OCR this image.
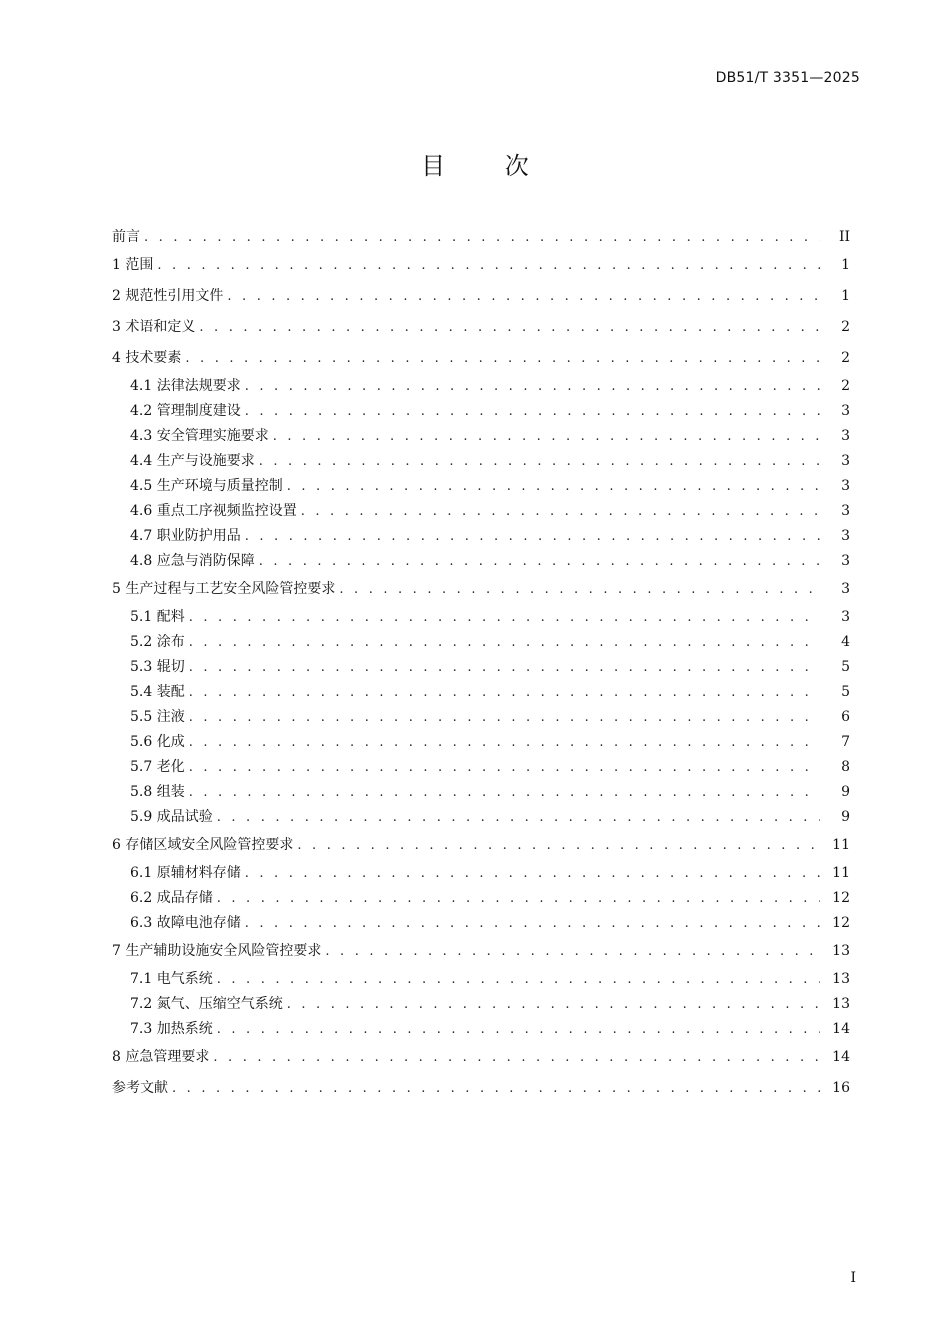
DB51/T 3351—2025
目 次
前言 . . .	II
1 范围 . . .	1
2 规范性引用文件 . . .	1
3 术语和定义 . . .	2
4 技术要素 . . .	2
4.1 法律法规要求 . . .	2
4.2 管理制度建设 . . .	3
4.3 安全管理实施要求 . . .	3
4.4 生产与设施要求 . . .	3
4.5 生产环境与质量控制 . . .	3
4.6 重点工序视频监控设置 . . .	3
4.7 职业防护用品 . . .	3
4.8 应急与消防保障 . . .	3
5 生产过程与工艺安全风险管控要求 . . .	3
5.1 配料 . . .	3
5.2 涂布 . . .	4
5.3 辊切 . . .	5
5.4 装配 . . .	5
5.5 注液 . . .	6
5.6 化成 . . .	7
5.7 老化 . . .	8
5.8 组装 . . .	9
5.9 成品试验 . . .	9
6 存储区域安全风险管控要求 . . .	11
6.1 原辅材料存储 . . .	11
6.2 成品存储 . . .	12
6.3 故障电池存储 . . .	12
7 生产辅助设施安全风险管控要求 . . .	13
7.1 电气系统 . . .	13
7.2 氮气、压缩空气系统 . . .	13
7.3 加热系统 . . .	14
8 应急管理要求 . . .	14
参考文献 . . .	16
I
